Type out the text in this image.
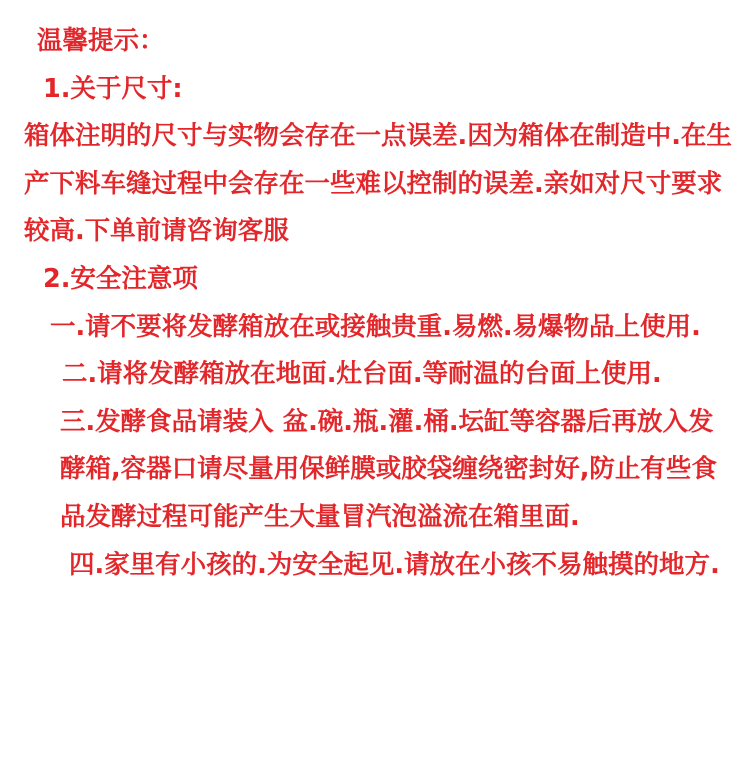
温馨提示：

1.关于尺寸:

箱体注明的尺寸与实物会存在一点误差.因为箱体在制造中.在生产下料车缝过程中会存在一些难以控制的误差.亲如对尺寸要求较高.下单前请咨询客服

2.安全注意项

一.请不要将发酵箱放在或接触贵重.易燃.易爆物品上使用.

二.请将发酵箱放在地面.灶台面.等耐温的台面上使用.

三.发酵食品请装入 盆.碗.瓶.灌.桶.坛缸等容器后再放入发酵箱,容器口请尽量用保鲜膜或胶袋缠绕密封好,防止有些食品发酵过程可能产生大量冒汽泡溢流在箱里面.

四.家里有小孩的.为安全起见.请放在小孩不易触摸的地方.
